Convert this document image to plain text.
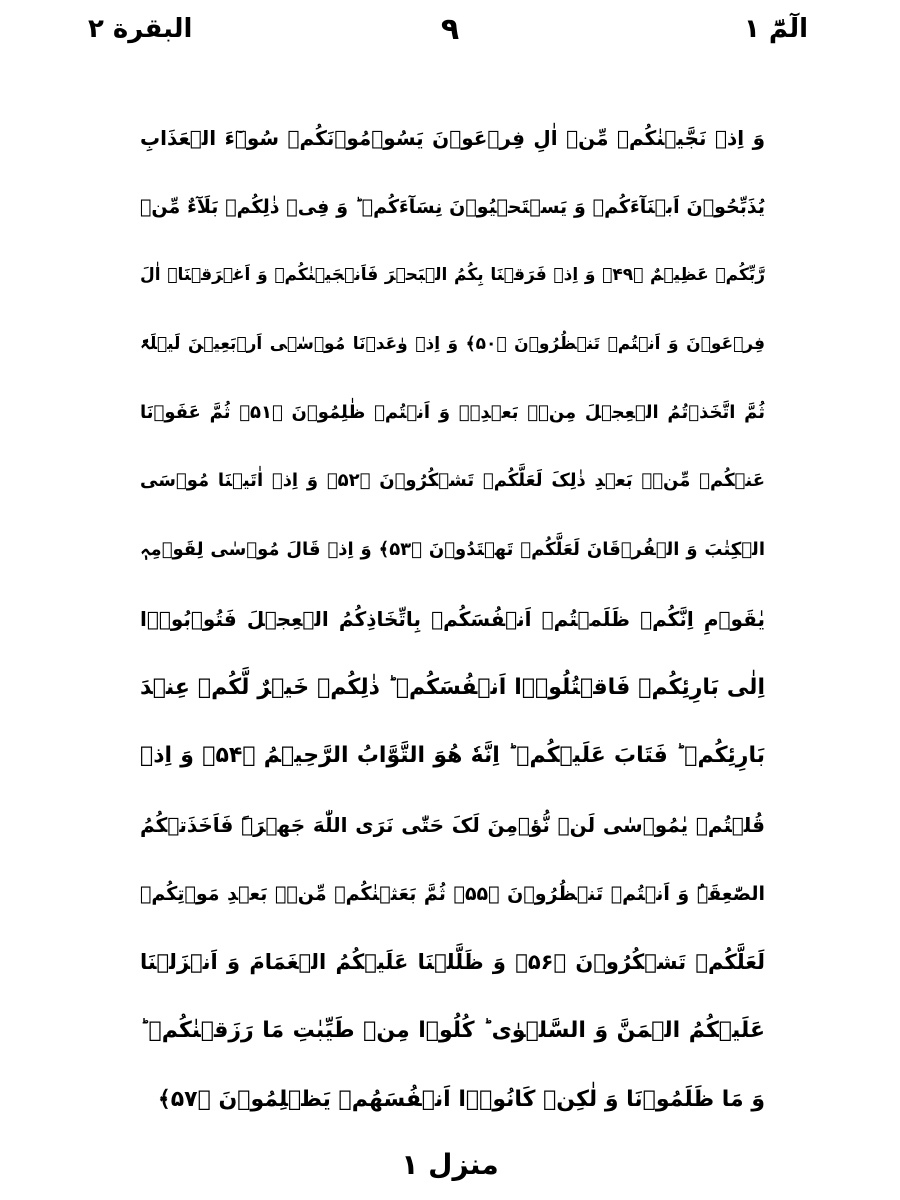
البقرة ٢	٩	الٓمّٓ ١
وَ اِذۡ نَجَّیۡنٰکُمۡ مِّنۡ اٰلِ فِرۡعَوۡنَ یَسُوۡمُوۡنَکُمۡ سُوۡٓءَ الۡعَذَابِ
یُذَبِّحُوۡنَ اَبۡنَآءَکُمۡ وَ یَسۡتَحۡیُوۡنَ نِسَآءَکُمۡ ؕ وَ فِیۡ ذٰلِکُمۡ بَلَآءٌ مِّنۡ
رَّبِّکُمۡ عَظِیۡمٌ ﴿۴۹﴾ وَ اِذۡ فَرَقۡنَا بِکُمُ الۡبَحۡرَ فَاَنۡجَیۡنٰکُمۡ وَ اَغۡرَقۡنَاۤ اٰلَ
فِرۡعَوۡنَ وَ اَنۡتُمۡ تَنۡظُرُوۡنَ ﴿۵۰﴾ وَ اِذۡ وٰعَدۡنَا مُوۡسٰۤی اَرۡبَعِیۡنَ لَیۡلَۃً
ثُمَّ اتَّخَذۡتُمُ الۡعِجۡلَ مِنۡۢ بَعۡدِہٖ وَ اَنۡتُمۡ ظٰلِمُوۡنَ ﴿۵۱﴾ ثُمَّ عَفَوۡنَا
عَنۡکُمۡ مِّنۡۢ بَعۡدِ ذٰلِکَ لَعَلَّکُمۡ تَشۡکُرُوۡنَ ﴿۵۲﴾ وَ اِذۡ اٰتَیۡنَا مُوۡسَی
الۡکِتٰبَ وَ الۡفُرۡقَانَ لَعَلَّکُمۡ تَهۡتَدُوۡنَ ﴿۵۳﴾ وَ اِذۡ قَالَ مُوۡسٰی لِقَوۡمِہٖ
یٰقَوۡمِ اِنَّکُمۡ ظَلَمۡتُمۡ اَنۡفُسَکُمۡ بِاتِّخَاذِکُمُ الۡعِجۡلَ فَتُوۡبُوۡۤا
اِلٰی بَارِئِکُمۡ فَاقۡتُلُوۡۤا اَنۡفُسَکُمۡ ؕ ذٰلِکُمۡ خَیۡرٌ لَّکُمۡ عِنۡدَ
بَارِئِکُمۡ ؕ فَتَابَ عَلَیۡکُمۡ ؕ اِنَّهٗ هُوَ التَّوَّابُ الرَّحِیۡمُ ﴿۵۴﴾ وَ اِذۡ
قُلۡتُمۡ یٰمُوۡسٰی لَنۡ نُّؤۡمِنَ لَکَ حَتّٰی نَرَی اللّٰهَ جَهۡرَۃً فَاَخَذَتۡکُمُ
الصّٰعِقَۃُ وَ اَنۡتُمۡ تَنۡظُرُوۡنَ ﴿۵۵﴾ ثُمَّ بَعَثۡنٰکُمۡ مِّنۡۢ بَعۡدِ مَوۡتِکُمۡ
لَعَلَّکُمۡ تَشۡکُرُوۡنَ ﴿۵۶﴾ وَ ظَلَّلۡنَا عَلَیۡکُمُ الۡغَمَامَ وَ اَنۡزَلۡنَا
عَلَیۡکُمُ الۡمَنَّ وَ السَّلۡوٰی ؕ کُلُوۡا مِنۡ طَیِّبٰتِ مَا رَزَقۡنٰکُمۡ ؕ
وَ مَا ظَلَمُوۡنَا وَ لٰکِنۡ کَانُوۡۤا اَنۡفُسَهُمۡ یَظۡلِمُوۡنَ ﴿۵۷﴾
منزل ١
